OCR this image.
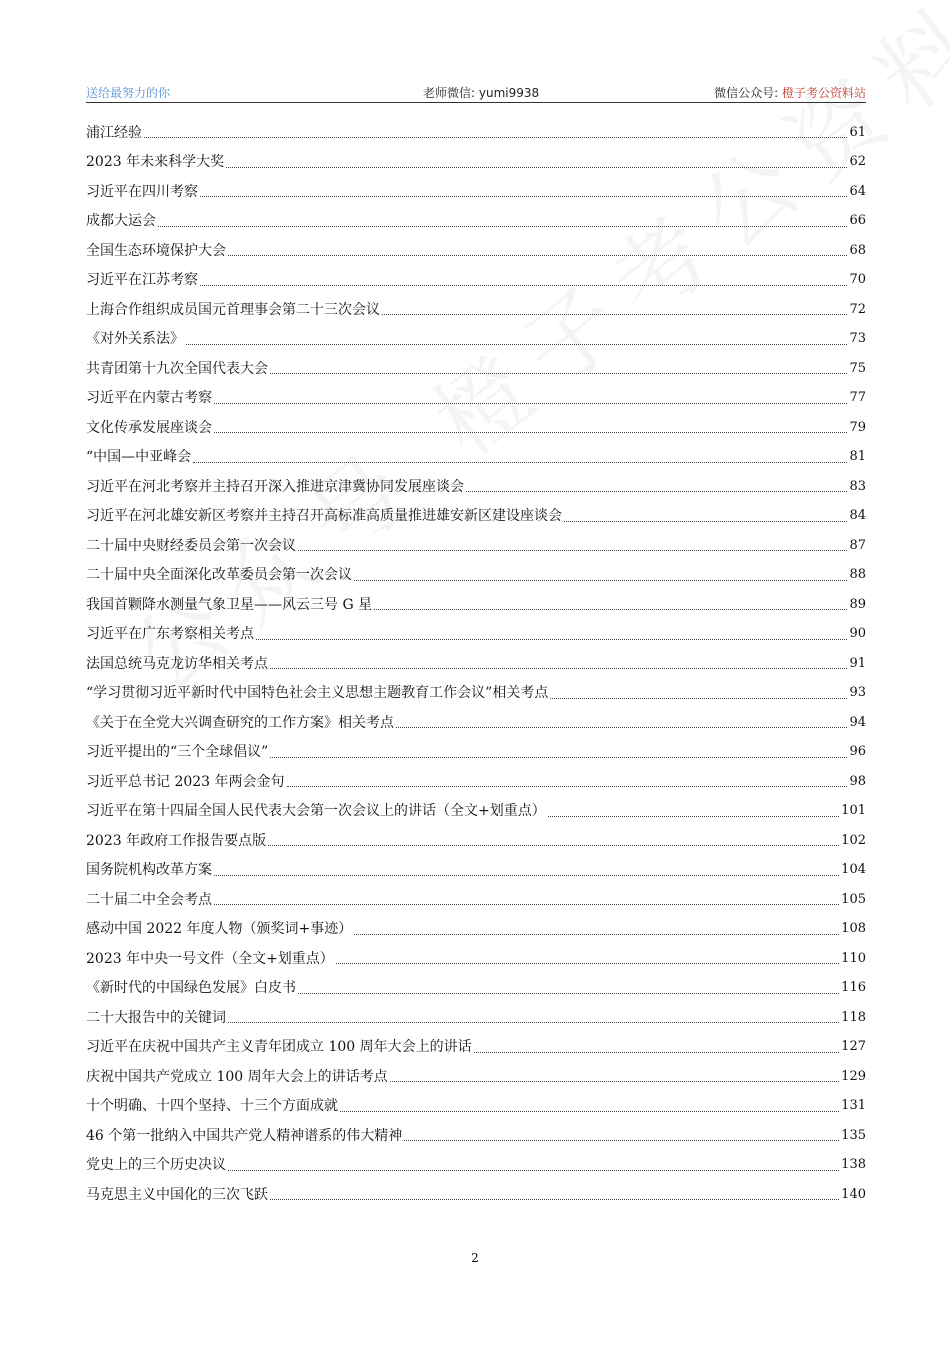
送给最努力的你	老师微信: yumi9938	微信公众号: 橙子考公资料站
浦江经验	61
2023 年未来科学大奖	62
习近平在四川考察	64
成都大运会	66
全国生态环境保护大会	68
习近平在江苏考察	70
上海合作组织成员国元首理事会第二十三次会议	72
《对外关系法》	73
共青团第十九次全国代表大会	75
习近平在内蒙古考察	77
文化传承发展座谈会	79
“中国—中亚峰会	81
习近平在河北考察并主持召开深入推进京津冀协同发展座谈会	83
习近平在河北雄安新区考察并主持召开高标准高质量推进雄安新区建设座谈会	84
二十届中央财经委员会第一次会议	87
二十届中央全面深化改革委员会第一次会议	88
我国首颗降水测量气象卫星——风云三号 G 星	89
习近平在广东考察相关考点	90
法国总统马克龙访华相关考点	91
“学习贯彻习近平新时代中国特色社会主义思想主题教育工作会议”相关考点	93
《关于在全党大兴调查研究的工作方案》相关考点	94
习近平提出的“三个全球倡议”	96
习近平总书记 2023 年两会金句	98
习近平在第十四届全国人民代表大会第一次会议上的讲话（全文+划重点）	101
2023 年政府工作报告要点版	102
国务院机构改革方案	104
二十届二中全会考点	105
感动中国 2022 年度人物（颁奖词+事迹）	108
2023 年中央一号文件（全文+划重点）	110
《新时代的中国绿色发展》白皮书	116
二十大报告中的关键词	118
习近平在庆祝中国共产主义青年团成立 100 周年大会上的讲话	127
庆祝中国共产党成立 100 周年大会上的讲话考点	129
十个明确、十四个坚持、十三个方面成就	131
46 个第一批纳入中国共产党人精神谱系的伟大精神	135
党史上的三个历史决议	138
马克思主义中国化的三次飞跃	140
2
